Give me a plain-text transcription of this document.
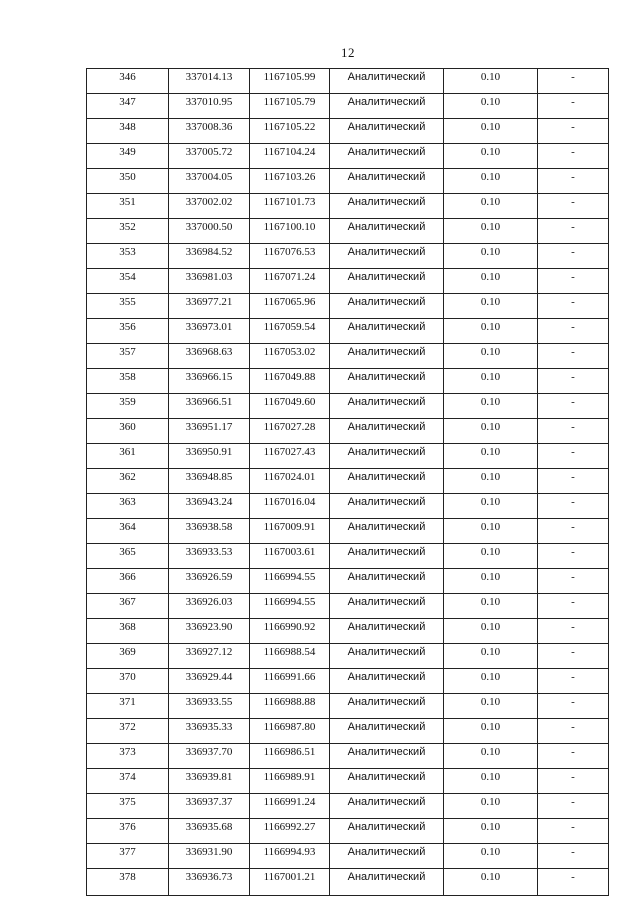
12
346	337014.13	1167105.99	Аналитический	0.10	-
347	337010.95	1167105.79	Аналитический	0.10	-
348	337008.36	1167105.22	Аналитический	0.10	-
349	337005.72	1167104.24	Аналитический	0.10	-
350	337004.05	1167103.26	Аналитический	0.10	-
351	337002.02	1167101.73	Аналитический	0.10	-
352	337000.50	1167100.10	Аналитический	0.10	-
353	336984.52	1167076.53	Аналитический	0.10	-
354	336981.03	1167071.24	Аналитический	0.10	-
355	336977.21	1167065.96	Аналитический	0.10	-
356	336973.01	1167059.54	Аналитический	0.10	-
357	336968.63	1167053.02	Аналитический	0.10	-
358	336966.15	1167049.88	Аналитический	0.10	-
359	336966.51	1167049.60	Аналитический	0.10	-
360	336951.17	1167027.28	Аналитический	0.10	-
361	336950.91	1167027.43	Аналитический	0.10	-
362	336948.85	1167024.01	Аналитический	0.10	-
363	336943.24	1167016.04	Аналитический	0.10	-
364	336938.58	1167009.91	Аналитический	0.10	-
365	336933.53	1167003.61	Аналитический	0.10	-
366	336926.59	1166994.55	Аналитический	0.10	-
367	336926.03	1166994.55	Аналитический	0.10	-
368	336923.90	1166990.92	Аналитический	0.10	-
369	336927.12	1166988.54	Аналитический	0.10	-
370	336929.44	1166991.66	Аналитический	0.10	-
371	336933.55	1166988.88	Аналитический	0.10	-
372	336935.33	1166987.80	Аналитический	0.10	-
373	336937.70	1166986.51	Аналитический	0.10	-
374	336939.81	1166989.91	Аналитический	0.10	-
375	336937.37	1166991.24	Аналитический	0.10	-
376	336935.68	1166992.27	Аналитический	0.10	-
377	336931.90	1166994.93	Аналитический	0.10	-
378	336936.73	1167001.21	Аналитический	0.10	-
